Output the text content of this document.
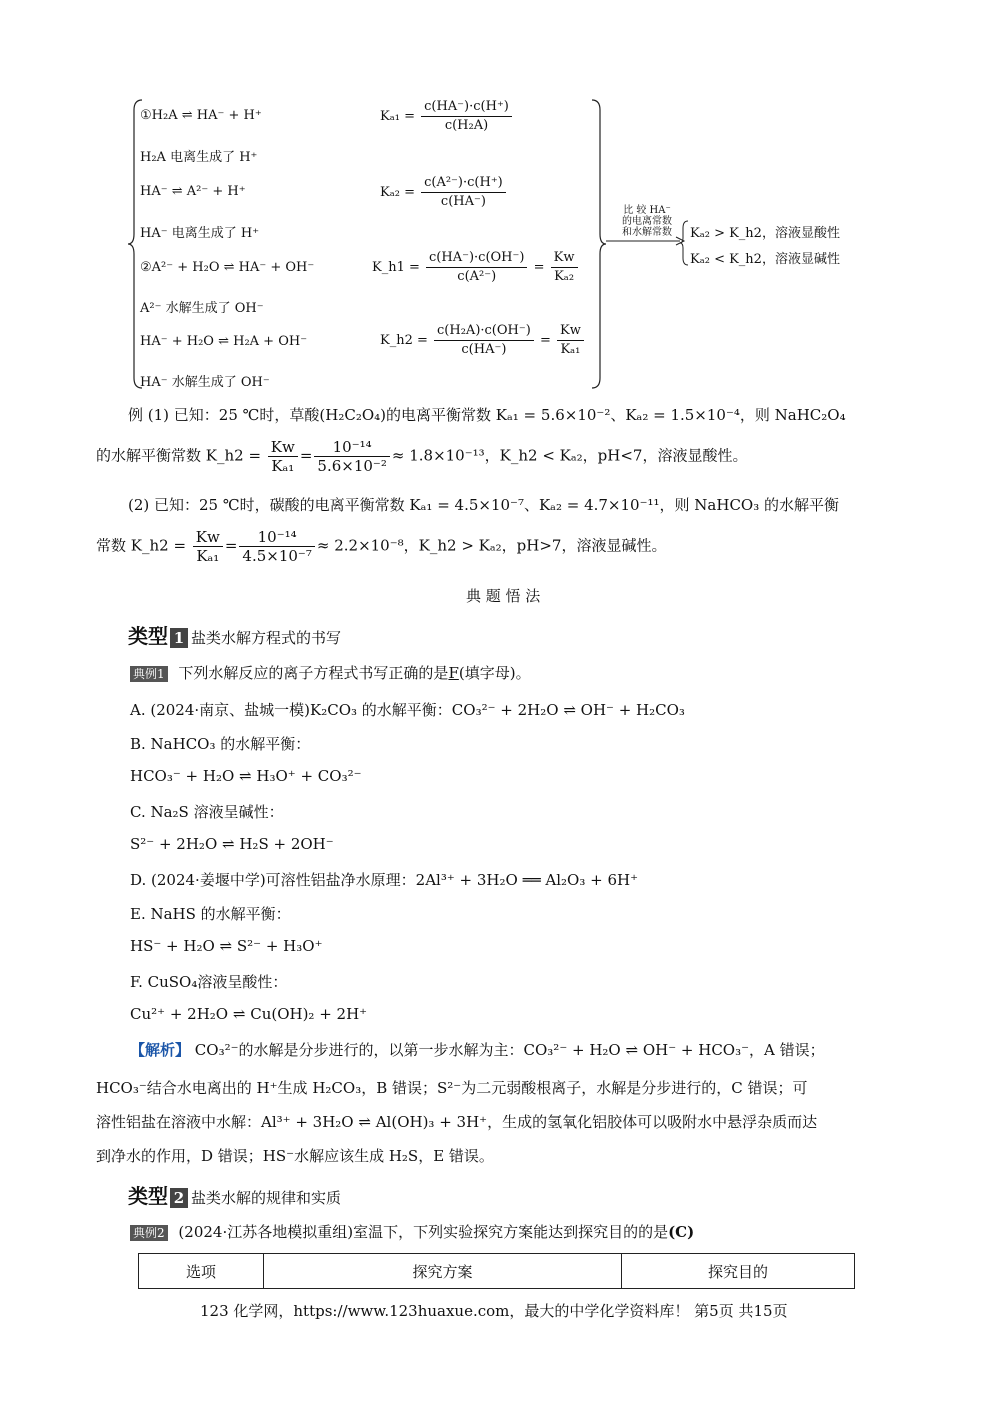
①H₂A ⇌ HA⁻ + H⁺	$K_{a1} = \frac{c(HA^-)\cdot c(H^+)}{\text{c(H₂A)}}$
H₂A 电离生成了 H⁺
HA⁻ ⇌ A²⁻ + H⁺	$K_{a2} = \frac{\text{c(A²⁻)·c(H⁺)}}{c(HA^-)}$
HA⁻ 电离生成了 H⁺
②A²⁻ + H₂O ⇌ HA⁻ + OH⁻	K_h1 = $\frac{c(HA^-)\cdot c(OH^-)}{\text{c(A²⁻)}} = \frac{Kw}{\text{Kₐ₂}}$
A²⁻ 水解生成了 OH⁻
HA⁻ + H₂O ⇌ H₂A + OH⁻	K_h2 = $\frac{\text{c(H₂A)·c(OH⁻)}}{c(HA^-)} = \frac{Kw}{\text{Kₐ₁}}$
HA⁻ 水解生成了 OH⁻
比 较 HA⁻
的电离常数
和水解常数	Kₐ₂ > K_h2，溶液显酸性
Kₐ₂ < K_h2，溶液显碱性
例 (1) 已知：25 ℃时，草酸(H₂C₂O₄)的电离平衡常数 Kₐ₁ = 5.6×10⁻²、Kₐ₂ = 1.5×10⁻⁴，则 NaHC₂O₄
的水解平衡常数 K_h2 = $\frac{Kw}{\text{Kₐ₁}} = \frac{\text{10⁻¹⁴}}{\text{5.6×10⁻²}} \approx 1.8\times 10^{-13}$，K_h2 < Kₐ₂，pH<7，溶液显酸性。
(2) 已知：25 ℃时，碳酸的电离平衡常数 Kₐ₁ = 4.5×10⁻⁷、Kₐ₂ = 4.7×10⁻¹¹，则 NaHCO₃ 的水解平衡
常数 K_h2 = $\frac{Kw}{\text{Kₐ₁}} = \frac{\text{10⁻¹⁴}}{\text{4.5×10⁻⁷}} \approx 2.2\times 10^{-8}$，K_h2 > Kₐ₂，pH>7，溶液显碱性。
典 题 悟 法
类型 1 盐类水解方程式的书写
典例1 下列水解反应的离子方程式书写正确的是F(填字母)。
A. (2024·南京、盐城一模)K₂CO₃ 的水解平衡：CO₃²⁻ + 2H₂O ⇌ OH⁻ + H₂CO₃
B. NaHCO₃ 的水解平衡：
HCO₃⁻ + H₂O ⇌ H₃O⁺ + CO₃²⁻
C. Na₂S 溶液呈碱性：
S²⁻ + 2H₂O ⇌ H₂S + 2OH⁻
D. (2024·姜堰中学)可溶性铝盐净水原理：2Al³⁺ + 3H₂O ══ Al₂O₃ + 6H⁺
E. NaHS 的水解平衡：
HS⁻ + H₂O ⇌ S²⁻ + H₃O⁺
F. CuSO₄溶液呈酸性：
Cu²⁺ + 2H₂O ⇌ Cu(OH)₂ + 2H⁺
【解析】 CO₃²⁻的水解是分步进行的，以第一步水解为主：CO₃²⁻ + H₂O ⇌ OH⁻ + HCO₃⁻，A 错误；
HCO₃⁻结合水电离出的 H⁺生成 H₂CO₃，B 错误；S²⁻为二元弱酸根离子，水解是分步进行的，C 错误；可
溶性铝盐在溶液中水解：Al³⁺ + 3H₂O ⇌ Al(OH)₃ + 3H⁺，生成的氢氧化铝胶体可以吸附水中悬浮杂质而达
到净水的作用，D 错误；HS⁻水解应该生成 H₂S，E 错误。
类型 2 盐类水解的规律和实质
典例2 (2024·江苏各地模拟重组)室温下，下列实验探究方案能达到探究目的的是(C)
选项	探究方案	探究目的
123 化学网，https://www.123huaxue.com，最大的中学化学资料库！ 第5页 共15页
